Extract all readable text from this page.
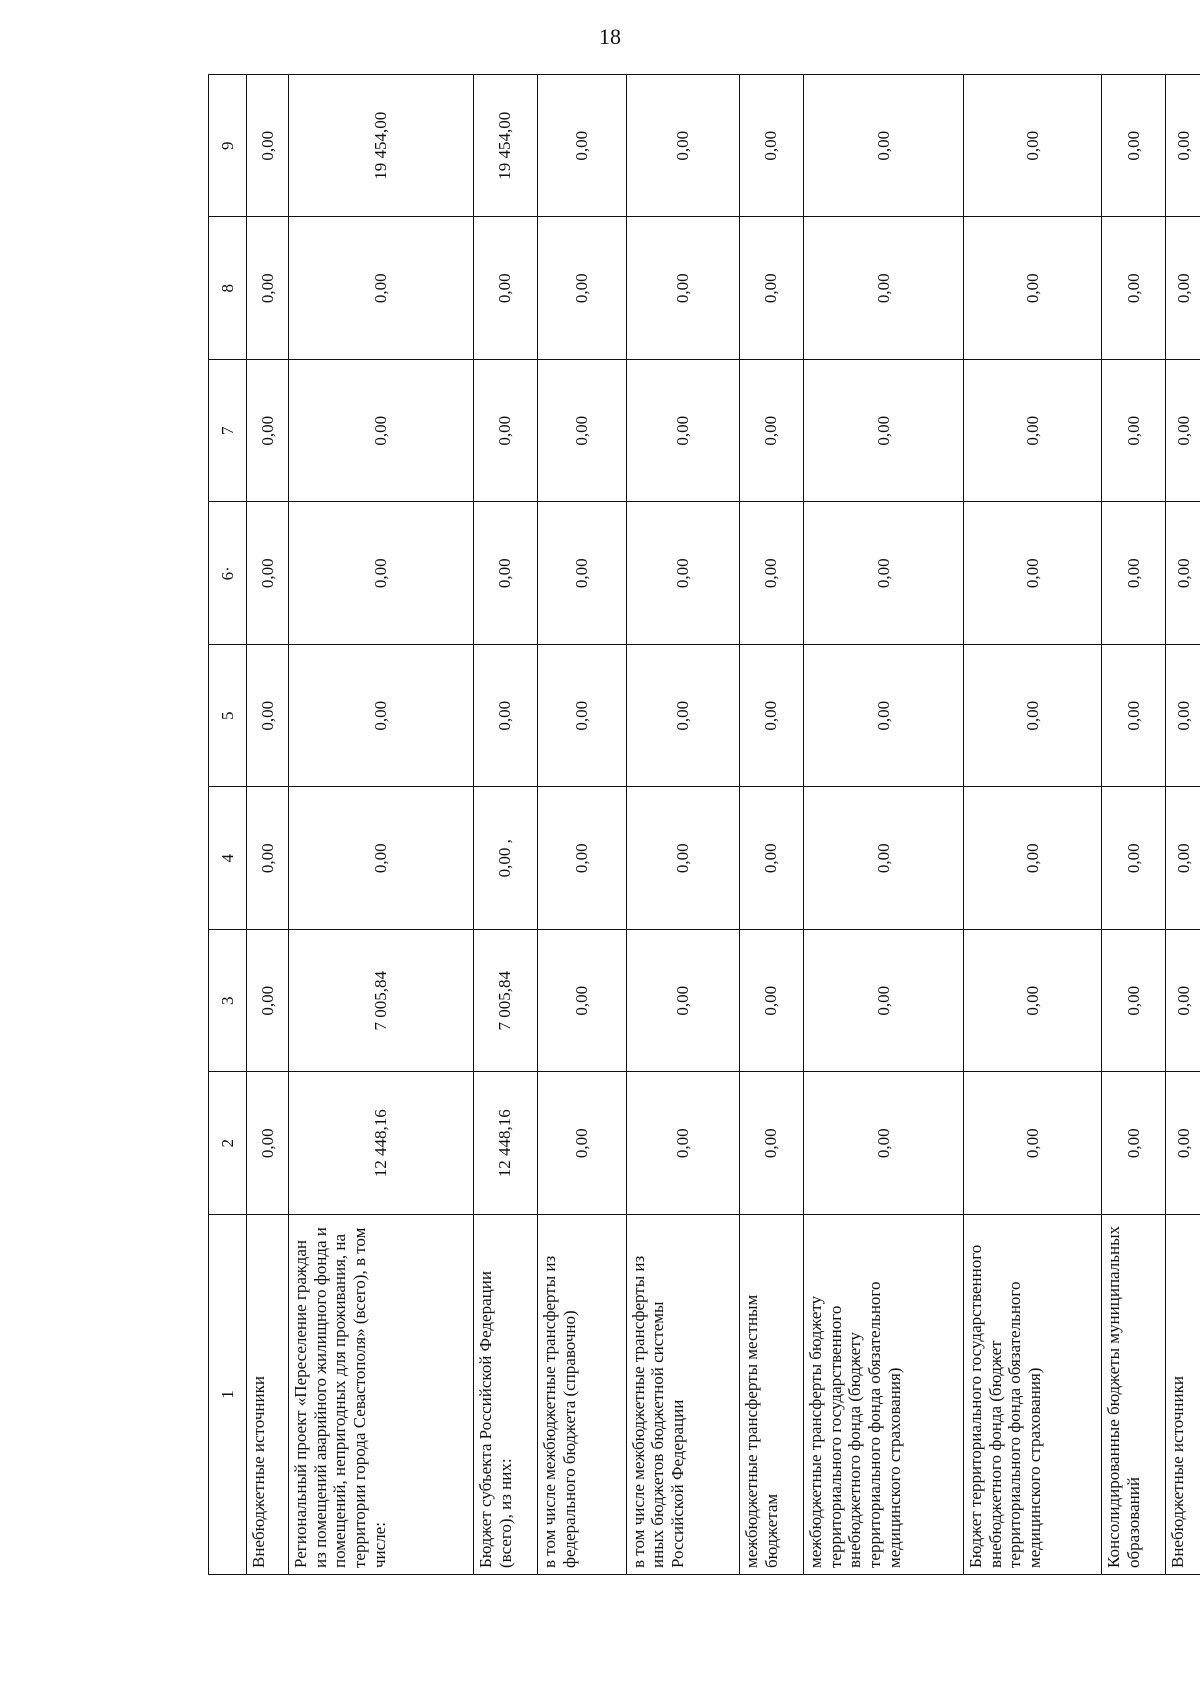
18
1	2	3	4	5	6·	7	8	9
Внебюджетные источники	0,00	0,00	0,00	0,00	0,00	0,00	0,00	0,00
Региональный проект «Переселение граждан из помещений аварийного жилищного фонда и помещений, непригодных для проживания, на территории города Севастополя» (всего), в том числе:	12 448,16	7 005,84	0,00	0,00	0,00	0,00	0,00	19 454,00
Бюджет субъекта Российской Федерации (всего), из них:	12 448,16	7 005,84	0,00 ,	0,00	0,00	0,00	0,00	19 454,00
в том числе межбюджетные трансферты из федерального бюджета (справочно)	0,00	0,00	0,00	0,00	0,00	0,00	0,00	0,00
в том числе межбюджетные трансферты из иных бюджетов бюджетной системы Российской Федерации	0,00	0,00	0,00	0,00	0,00	0,00	0,00	0,00
межбюджетные трансферты местным бюджетам	0,00	0,00	0,00	0,00	0,00	0,00	0,00	0,00
межбюджетные трансферты бюджету территориального государственного внебюджетного фонда (бюджету территориального фонда обязательного медицинского страхования)	0,00	0,00	0,00	0,00	0,00	0,00	0,00	0,00
Бюджет территориального государственного внебюджетного фонда (бюджет территориального фонда обязательного медицинского страхования)	0,00	0,00	0,00	0,00	0,00	0,00	0,00	0,00
Консолидированные бюджеты муниципальных образований	0,00	0,00	0,00	0,00	0,00	0,00	0,00	0,00
Внебюджетные источники	0,00	0,00	0,00	0,00	0,00	0,00	0,00	0,00
